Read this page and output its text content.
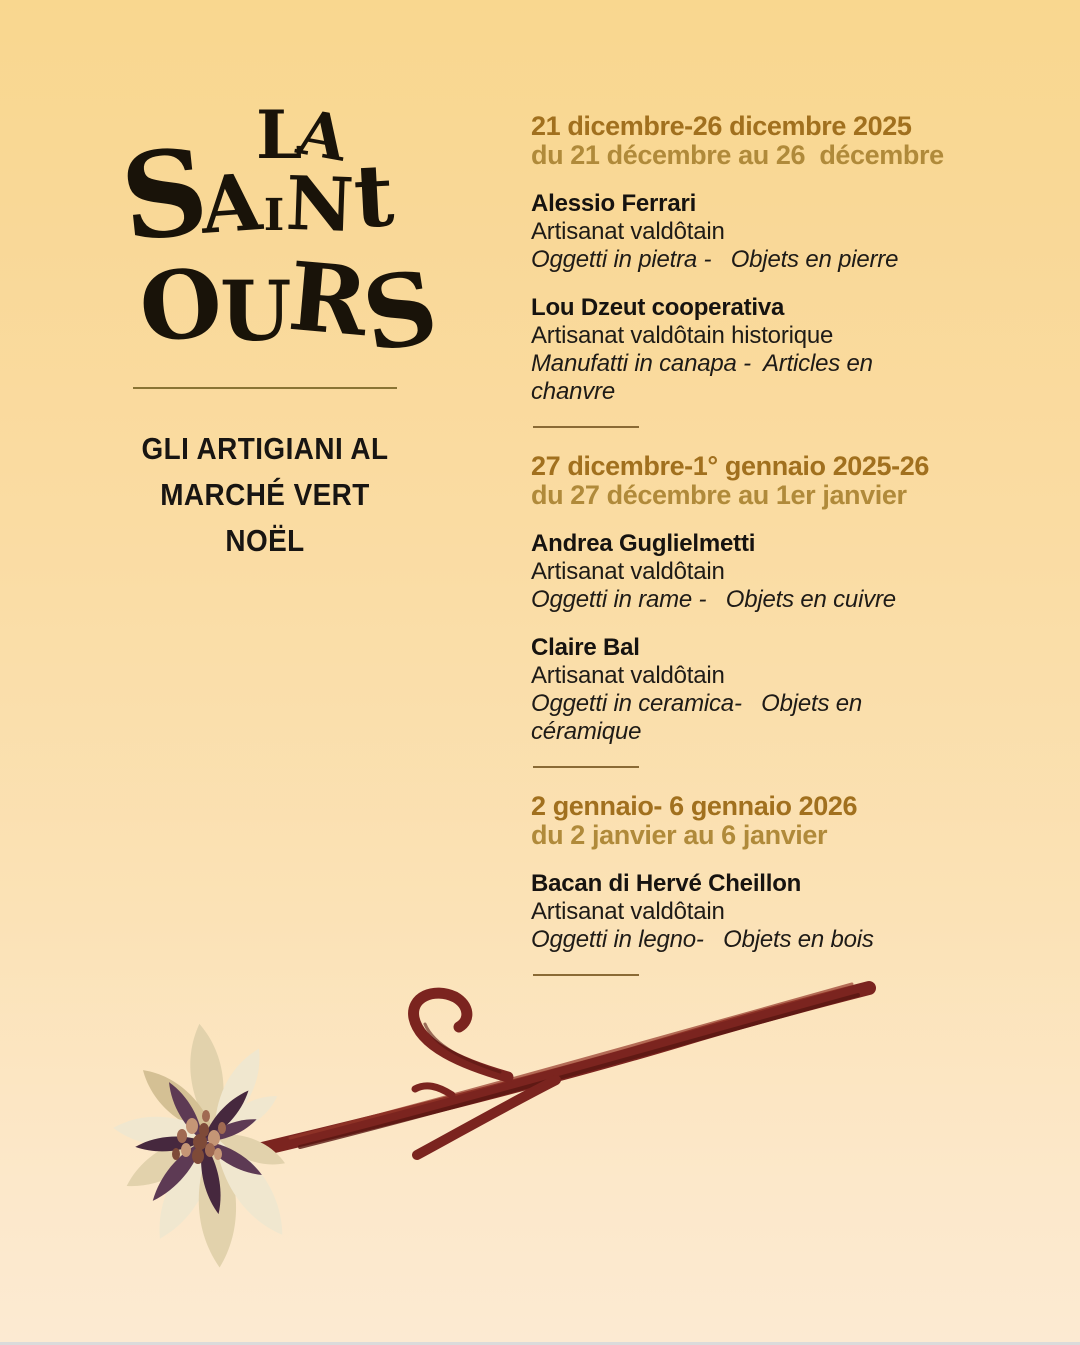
L
A
S
A
I N
t
O
U
R
S
GLI ARTIGIANI AL
MARCHÉ VERT NOËL
21 dicembre-26 dicembre 2025
du 21 décembre au 26  décembre
Alessio Ferrari
Artisanat valdôtain
Oggetti in pietra -   Objets en pierre
Lou Dzeut cooperativa
Artisanat valdôtain historique
Manufatti in canapa -  Articles en chanvre
27 dicembre-1° gennaio 2025-26
du 27 décembre au 1er janvier
Andrea Guglielmetti
Artisanat valdôtain
Oggetti in rame -   Objets en cuivre
Claire Bal
Artisanat valdôtain
Oggetti in ceramica-   Objets en céramique
2 gennaio- 6 gennaio 2026
du 2 janvier au 6 janvier
Bacan di Hervé Cheillon
Artisanat valdôtain
Oggetti in legno-   Objets en bois
